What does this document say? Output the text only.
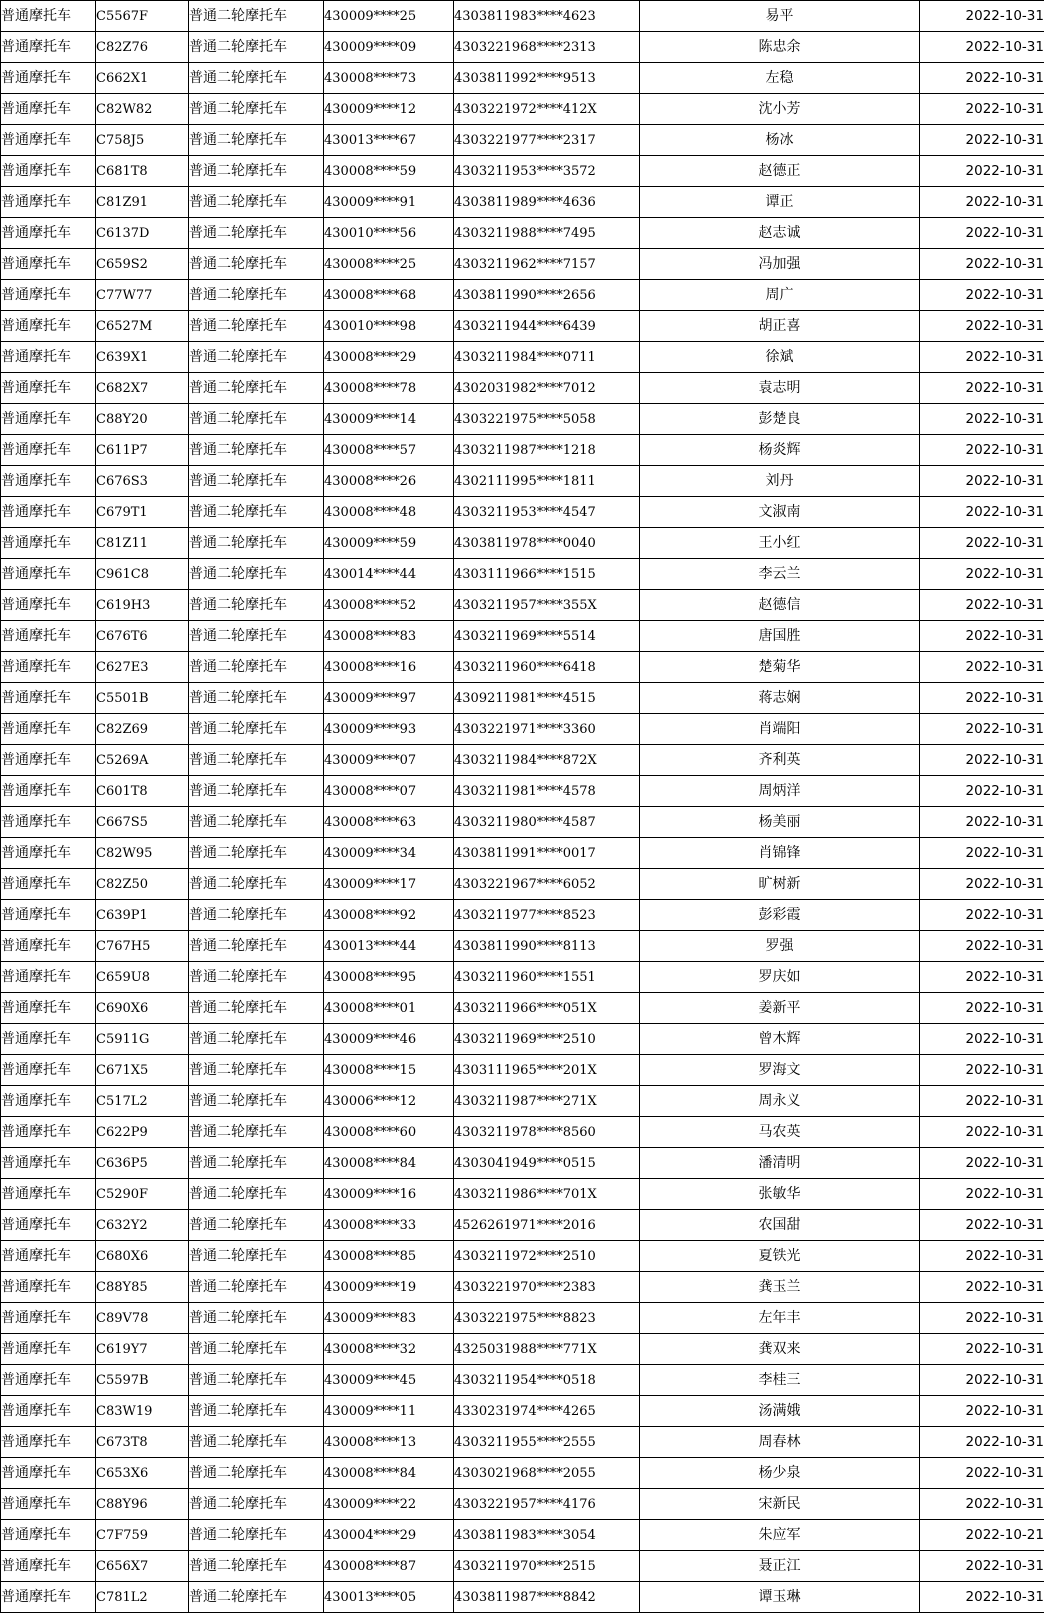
普通摩托车	C5567F	普通二轮摩托车	430009****25	4303811983****4623	易平	2022-10-31
普通摩托车	C82Z76	普通二轮摩托车	430009****09	4303221968****2313	陈忠余	2022-10-31
普通摩托车	C662X1	普通二轮摩托车	430008****73	4303811992****9513	左稳	2022-10-31
普通摩托车	C82W82	普通二轮摩托车	430009****12	4303221972****412X	沈小芳	2022-10-31
普通摩托车	C758J5	普通二轮摩托车	430013****67	4303221977****2317	杨冰	2022-10-31
普通摩托车	C681T8	普通二轮摩托车	430008****59	4303211953****3572	赵德正	2022-10-31
普通摩托车	C81Z91	普通二轮摩托车	430009****91	4303811989****4636	谭正	2022-10-31
普通摩托车	C6137D	普通二轮摩托车	430010****56	4303211988****7495	赵志诚	2022-10-31
普通摩托车	C659S2	普通二轮摩托车	430008****25	4303211962****7157	冯加强	2022-10-31
普通摩托车	C77W77	普通二轮摩托车	430008****68	4303811990****2656	周广	2022-10-31
普通摩托车	C6527M	普通二轮摩托车	430010****98	4303211944****6439	胡正喜	2022-10-31
普通摩托车	C639X1	普通二轮摩托车	430008****29	4303211984****0711	徐斌	2022-10-31
普通摩托车	C682X7	普通二轮摩托车	430008****78	4302031982****7012	袁志明	2022-10-31
普通摩托车	C88Y20	普通二轮摩托车	430009****14	4303221975****5058	彭楚良	2022-10-31
普通摩托车	C611P7	普通二轮摩托车	430008****57	4303211987****1218	杨炎辉	2022-10-31
普通摩托车	C676S3	普通二轮摩托车	430008****26	4302111995****1811	刘丹	2022-10-31
普通摩托车	C679T1	普通二轮摩托车	430008****48	4303211953****4547	文淑南	2022-10-31
普通摩托车	C81Z11	普通二轮摩托车	430009****59	4303811978****0040	王小红	2022-10-31
普通摩托车	C961C8	普通二轮摩托车	430014****44	4303111966****1515	李云兰	2022-10-31
普通摩托车	C619H3	普通二轮摩托车	430008****52	4303211957****355X	赵德信	2022-10-31
普通摩托车	C676T6	普通二轮摩托车	430008****83	4303211969****5514	唐国胜	2022-10-31
普通摩托车	C627E3	普通二轮摩托车	430008****16	4303211960****6418	楚菊华	2022-10-31
普通摩托车	C5501B	普通二轮摩托车	430009****97	4309211981****4515	蒋志娴	2022-10-31
普通摩托车	C82Z69	普通二轮摩托车	430009****93	4303221971****3360	肖端阳	2022-10-31
普通摩托车	C5269A	普通二轮摩托车	430009****07	4303211984****872X	齐利英	2022-10-31
普通摩托车	C601T8	普通二轮摩托车	430008****07	4303211981****4578	周炳洋	2022-10-31
普通摩托车	C667S5	普通二轮摩托车	430008****63	4303211980****4587	杨美丽	2022-10-31
普通摩托车	C82W95	普通二轮摩托车	430009****34	4303811991****0017	肖锦锋	2022-10-31
普通摩托车	C82Z50	普通二轮摩托车	430009****17	4303221967****6052	旷树新	2022-10-31
普通摩托车	C639P1	普通二轮摩托车	430008****92	4303211977****8523	彭彩霞	2022-10-31
普通摩托车	C767H5	普通二轮摩托车	430013****44	4303811990****8113	罗强	2022-10-31
普通摩托车	C659U8	普通二轮摩托车	430008****95	4303211960****1551	罗庆如	2022-10-31
普通摩托车	C690X6	普通二轮摩托车	430008****01	4303211966****051X	姜新平	2022-10-31
普通摩托车	C5911G	普通二轮摩托车	430009****46	4303211969****2510	曾木辉	2022-10-31
普通摩托车	C671X5	普通二轮摩托车	430008****15	4303111965****201X	罗海文	2022-10-31
普通摩托车	C517L2	普通二轮摩托车	430006****12	4303211987****271X	周永义	2022-10-31
普通摩托车	C622P9	普通二轮摩托车	430008****60	4303211978****8560	马农英	2022-10-31
普通摩托车	C636P5	普通二轮摩托车	430008****84	4303041949****0515	潘清明	2022-10-31
普通摩托车	C5290F	普通二轮摩托车	430009****16	4303211986****701X	张敏华	2022-10-31
普通摩托车	C632Y2	普通二轮摩托车	430008****33	4526261971****2016	农国甜	2022-10-31
普通摩托车	C680X6	普通二轮摩托车	430008****85	4303211972****2510	夏铁光	2022-10-31
普通摩托车	C88Y85	普通二轮摩托车	430009****19	4303221970****2383	龚玉兰	2022-10-31
普通摩托车	C89V78	普通二轮摩托车	430009****83	4303221975****8823	左年丰	2022-10-31
普通摩托车	C619Y7	普通二轮摩托车	430008****32	4325031988****771X	龚双来	2022-10-31
普通摩托车	C5597B	普通二轮摩托车	430009****45	4303211954****0518	李桂三	2022-10-31
普通摩托车	C83W19	普通二轮摩托车	430009****11	4330231974****4265	汤满娥	2022-10-31
普通摩托车	C673T8	普通二轮摩托车	430008****13	4303211955****2555	周春林	2022-10-31
普通摩托车	C653X6	普通二轮摩托车	430008****84	4303021968****2055	杨少泉	2022-10-31
普通摩托车	C88Y96	普通二轮摩托车	430009****22	4303221957****4176	宋新民	2022-10-31
普通摩托车	C7F759	普通二轮摩托车	430004****29	4303811983****3054	朱应军	2022-10-21
普通摩托车	C656X7	普通二轮摩托车	430008****87	4303211970****2515	聂正江	2022-10-31
普通摩托车	C781L2	普通二轮摩托车	430013****05	4303811987****8842	谭玉琳	2022-10-31
